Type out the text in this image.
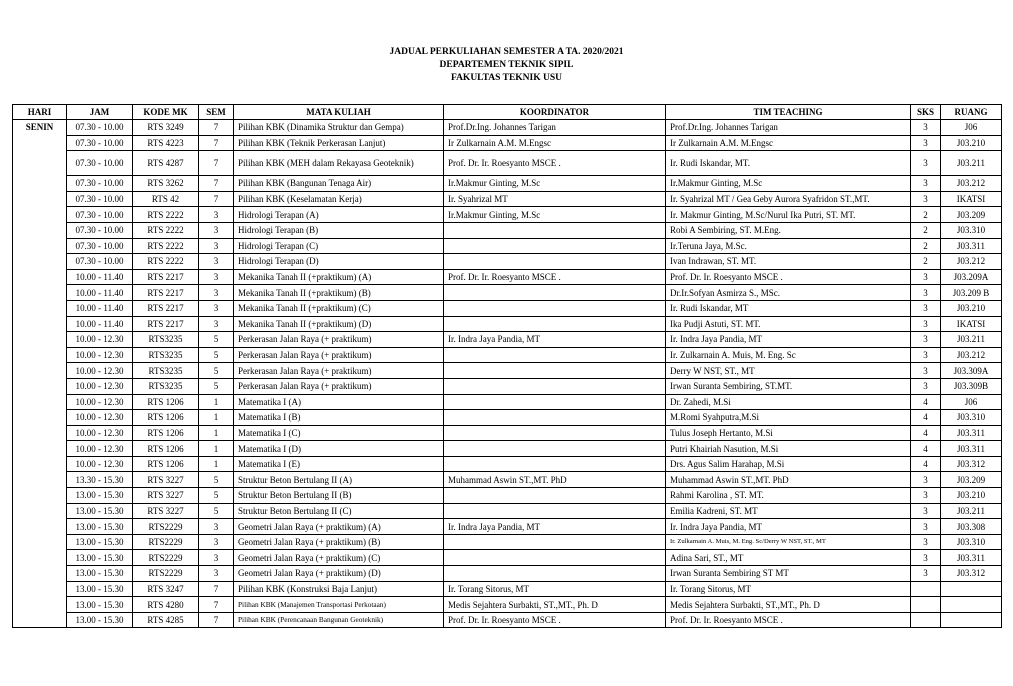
JADUAL PERKULIAHAN SEMESTER A TA. 2020/2021
DEPARTEMEN TEKNIK SIPIL
FAKULTAS TEKNIK USU
HARI	JAM	KODE MK	SEM	MATA KULIAH	KOORDINATOR	TIM TEACHING	SKS	RUANG
SENIN	07.30 - 10.00	RTS 3249	7	Pilihan KBK (Dinamika Struktur dan Gempa)	Prof.Dr.Ing. Johannes Tarigan	Prof.Dr.Ing. Johannes Tarigan	3	J06
	07.30 - 10.00	RTS 4223	7	Pilihan KBK (Teknik Perkerasan Lanjut)	Ir Zulkarnain A.M. M.Engsc	Ir Zulkarnain A.M. M.Engsc	3	J03.210
	07.30 - 10.00	RTS 4287	7	Pilihan KBK (MEH dalam Rekayasa Geoteknik)	Prof. Dr. Ir. Roesyanto MSCE .	Ir. Rudi Iskandar, MT.	3	J03.211
	07.30 - 10.00	RTS 3262	7	Pilihan KBK (Bangunan Tenaga Air)	Ir.Makmur Ginting, M.Sc	Ir.Makmur Ginting, M.Sc	3	J03.212
	07.30 - 10.00	RTS 42	7	Pilihan KBK (Keselamatan Kerja)	Ir. Syahrizal MT	Ir. Syahrizal MT / Gea Geby Aurora Syafridon ST.,MT.	3	IKATSI
	07.30 - 10.00	RTS 2222	3	Hidrologi Terapan (A)	Ir.Makmur Ginting, M.Sc	Ir. Makmur Ginting, M.Sc/Nurul Ika Putri, ST. MT.	2	J03.209
	07.30 - 10.00	RTS 2222	3	Hidrologi Terapan (B)		Robi A Sembiring, ST. M.Eng.	2	J03.310
	07.30 - 10.00	RTS 2222	3	Hidrologi Terapan (C)		Ir.Teruna Jaya, M.Sc.	2	J03.311
	07.30 - 10.00	RTS 2222	3	Hidrologi Terapan (D)		Ivan Indrawan, ST. MT.	2	J03.212
	10.00 - 11.40	RTS 2217	3	Mekanika Tanah II (+praktikum) (A)	Prof. Dr. Ir. Roesyanto MSCE .	Prof. Dr. Ir. Roesyanto MSCE .	3	J03.209A
	10.00 - 11.40	RTS 2217	3	Mekanika Tanah II (+praktikum) (B)		Dr.Ir.Sofyan Asmirza S., MSc.	3	J03.209 B
	10.00 - 11.40	RTS 2217	3	Mekanika Tanah II (+praktikum) (C)		Ir. Rudi Iskandar, MT	3	J03.210
	10.00 - 11.40	RTS 2217	3	Mekanika Tanah II (+praktikum) (D)		Ika Pudji Astuti, ST. MT.	3	IKATSI
	10.00 - 12.30	RTS3235	5	Perkerasan Jalan Raya (+ praktikum)	Ir. Indra Jaya Pandia, MT	Ir. Indra Jaya Pandia, MT	3	J03.211
	10.00 - 12.30	RTS3235	5	Perkerasan Jalan Raya (+ praktikum)		Ir. Zulkarnain A. Muis, M. Eng. Sc	3	J03.212
	10.00 - 12.30	RTS3235	5	Perkerasan Jalan Raya (+ praktikum)		Derry W NST, ST., MT	3	J03.309A
	10.00 - 12.30	RTS3235	5	Perkerasan Jalan Raya (+ praktikum)		Irwan Suranta Sembiring, ST.MT.	3	J03.309B
	10.00 - 12.30	RTS 1206	1	Matematika I (A)		Dr. Zahedi, M.Si	4	J06
	10.00 - 12.30	RTS 1206	1	Matematika I (B)		M.Romi Syahputra,M.Si	4	J03.310
	10.00 - 12.30	RTS 1206	1	Matematika I (C)		Tulus Joseph Hertanto, M.Si	4	J03.311
	10.00 - 12.30	RTS 1206	1	Matematika I (D)		Putri Khairiah Nasution, M.Si	4	J03.311
	10.00 - 12.30	RTS 1206	1	Matematika I (E)		Drs. Agus Salim Harahap, M.Si	4	J03.312
	13.30 - 15.30	RTS 3227	5	Struktur Beton Bertulang II (A)	Muhammad Aswin ST.,MT. PhD	Muhammad Aswin ST.,MT. PhD	3	J03.209
	13.00 - 15.30	RTS 3227	5	Struktur Beton Bertulang II (B)		Rahmi Karolina , ST. MT.	3	J03.210
	13.00 - 15.30	RTS 3227	5	Struktur Beton Bertulang II (C)		Emilia Kadreni, ST. MT	3	J03.211
	13.00 - 15.30	RTS2229	3	Geometri Jalan Raya (+ praktikum) (A)	Ir. Indra Jaya Pandia, MT	Ir. Indra Jaya Pandia, MT	3	J03.308
	13.00 - 15.30	RTS2229	3	Geometri Jalan Raya (+ praktikum) (B)		Ir. Zulkarnain A. Muis, M. Eng. Sc/Derry W NST, ST., MT	3	J03.310
	13.00 - 15.30	RTS2229	3	Geometri Jalan Raya (+ praktikum) (C)		Adina Sari, ST., MT	3	J03.311
	13.00 - 15.30	RTS2229	3	Geometri Jalan Raya (+ praktikum) (D)		Irwan Suranta Sembiring ST MT	3	J03.312
	13.00 - 15.30	RTS 3247	7	Pilihan KBK (Konstruksi Baja Lanjut)	Ir. Torang Sitorus, MT	Ir. Torang Sitorus, MT		
	13.00 - 15.30	RTS 4280	7	Pilihan KBK (Manajemen Transportasi Perkotaan)	Medis Sejahtera Surbakti, ST.,MT., Ph. D	Medis Sejahtera Surbakti, ST.,MT., Ph. D		
	13.00 - 15.30	RTS 4285	7	Pilihan KBK (Perencanaan Bangunan Geoteknik)	Prof. Dr. Ir. Roesyanto MSCE .	Prof. Dr. Ir. Roesyanto MSCE .		
